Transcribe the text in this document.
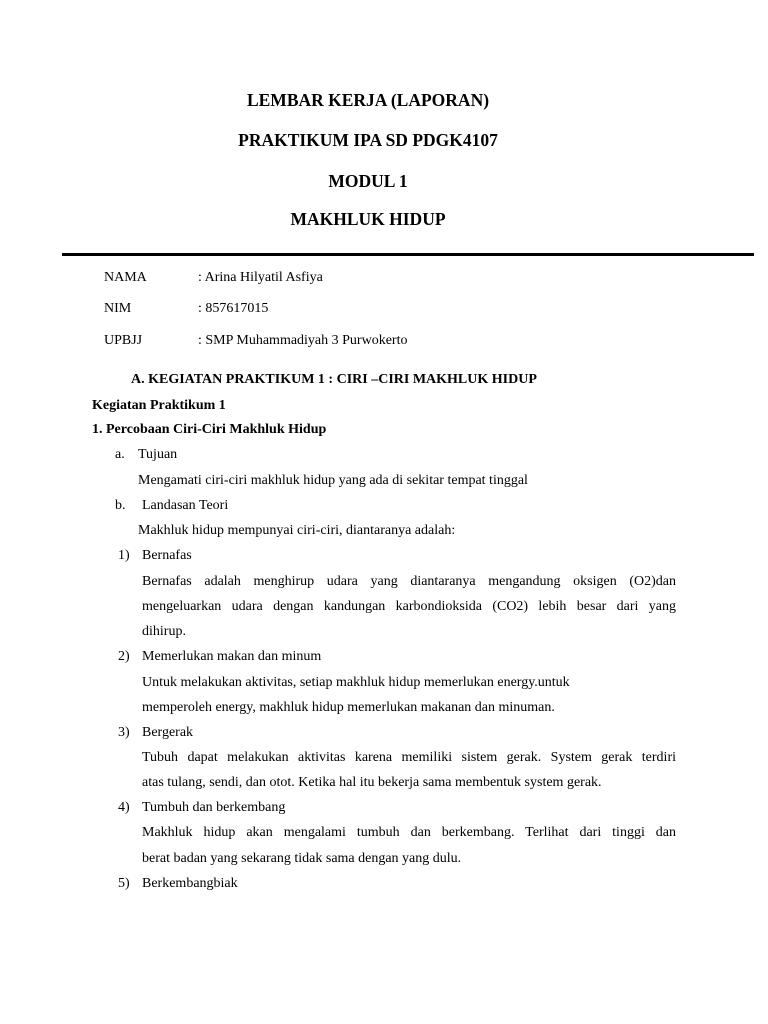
LEMBAR KERJA (LAPORAN)
PRAKTIKUM IPA SD PDGK4107
MODUL 1
MAKHLUK HIDUP
NAMA	: Arina Hilyatil Asfiya
NIM	: 857617015
UPBJJ	: SMP Muhammadiyah 3 Purwokerto
A. KEGIATAN PRAKTIKUM 1 : CIRI –CIRI MAKHLUK HIDUP
Kegiatan Praktikum 1
1. Percobaan Ciri-Ciri Makhluk Hidup
a. Tujuan
Mengamati ciri-ciri makhluk hidup yang ada di sekitar tempat tinggal
b. Landasan Teori
Makhluk hidup mempunyai ciri-ciri, diantaranya adalah:
1) Bernafas
Bernafas adalah menghirup udara yang diantaranya mengandung oksigen (O2)dan
mengeluarkan udara dengan kandungan karbondioksida (CO2) lebih besar dari yang
dihirup.
2) Memerlukan makan dan minum
Untuk melakukan aktivitas, setiap makhluk hidup memerlukan energy.untuk
memperoleh energy, makhluk hidup memerlukan makanan dan minuman.
3) Bergerak
Tubuh dapat melakukan aktivitas karena memiliki sistem gerak. System gerak terdiri
atas tulang, sendi, dan otot. Ketika hal itu bekerja sama membentuk system gerak.
4) Tumbuh dan berkembang
Makhluk hidup akan mengalami tumbuh dan berkembang. Terlihat dari tinggi dan
berat badan yang sekarang tidak sama dengan yang dulu.
5) Berkembangbiak
